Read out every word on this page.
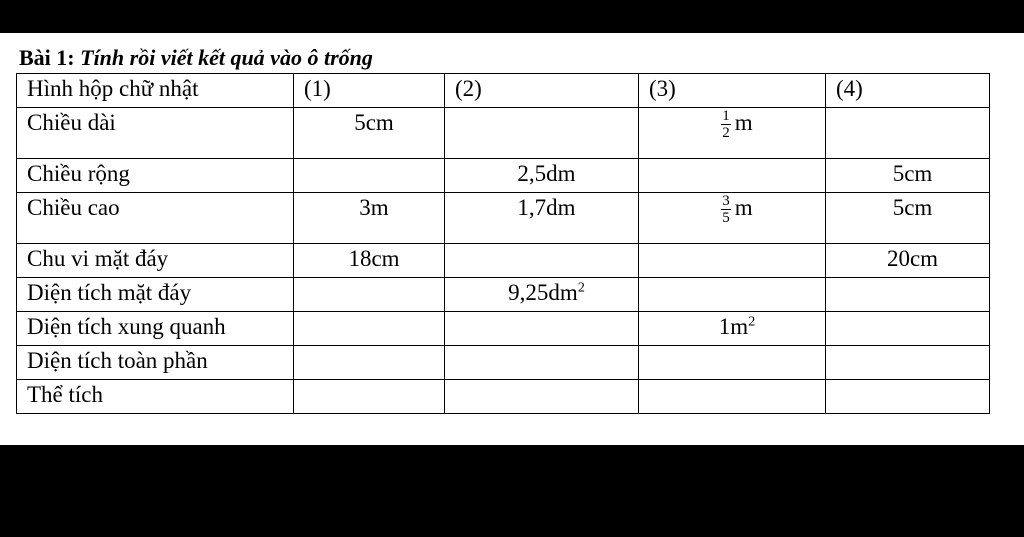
Bài 1: Tính rồi viết kết quả vào ô trống
Hình hộp chữ nhật	(1)	(2)	(3)	(4)
Chiều dài	5cm		$\frac{1}{2}$ m	
Chiều rộng		2,5dm		5cm
Chiều cao	3m	1,7dm	$\frac{3}{5}$ m	5cm
Chu vi mặt đáy	18cm			20cm
Diện tích mặt đáy		$9,25dm^2$		
Diện tích xung quanh			$1m^2$	
Diện tích toàn phần				
Thể tích				
